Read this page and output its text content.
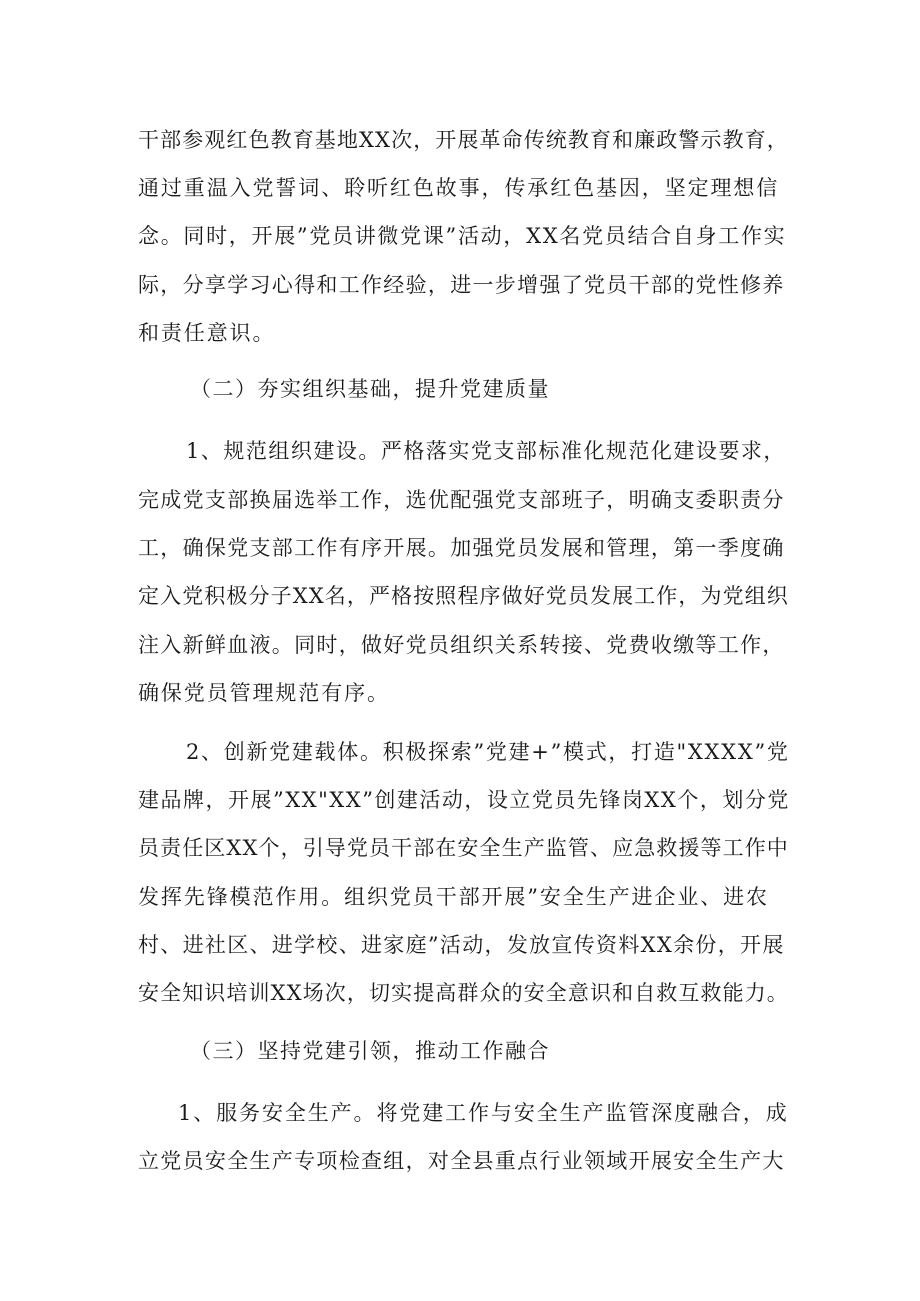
干部参观红色教育基地XX次，开展革命传统教育和廉政警示教育，
通过重温入党誓词、聆听红色故事，传承红色基因，坚定理想信
念。同时，开展”党员讲微党课”活动，XX名党员结合自身工作实
际，分享学习心得和工作经验，进一步增强了党员干部的党性修养
和责任意识。
（二）夯实组织基础，提升党建质量
1、规范组织建设。严格落实党支部标准化规范化建设要求，
完成党支部换届选举工作，选优配强党支部班子，明确支委职责分
工，确保党支部工作有序开展。加强党员发展和管理，第一季度确
定入党积极分子XX名，严格按照程序做好党员发展工作，为党组织
注入新鲜血液。同时，做好党员组织关系转接、党费收缴等工作，
确保党员管理规范有序。
2、创新党建载体。积极探索”党建+”模式，打造"XXXX”党
建品牌，开展”XX"XX”创建活动，设立党员先锋岗XX个，划分党
员责任区XX个，引导党员干部在安全生产监管、应急救援等工作中
发挥先锋模范作用。组织党员干部开展”安全生产进企业、进农
村、进社区、进学校、进家庭”活动，发放宣传资料XX余份，开展
安全知识培训XX场次，切实提高群众的安全意识和自救互救能力。
（三）坚持党建引领，推动工作融合
1、服务安全生产。将党建工作与安全生产监管深度融合，成
立党员安全生产专项检查组，对全县重点行业领域开展安全生产大
